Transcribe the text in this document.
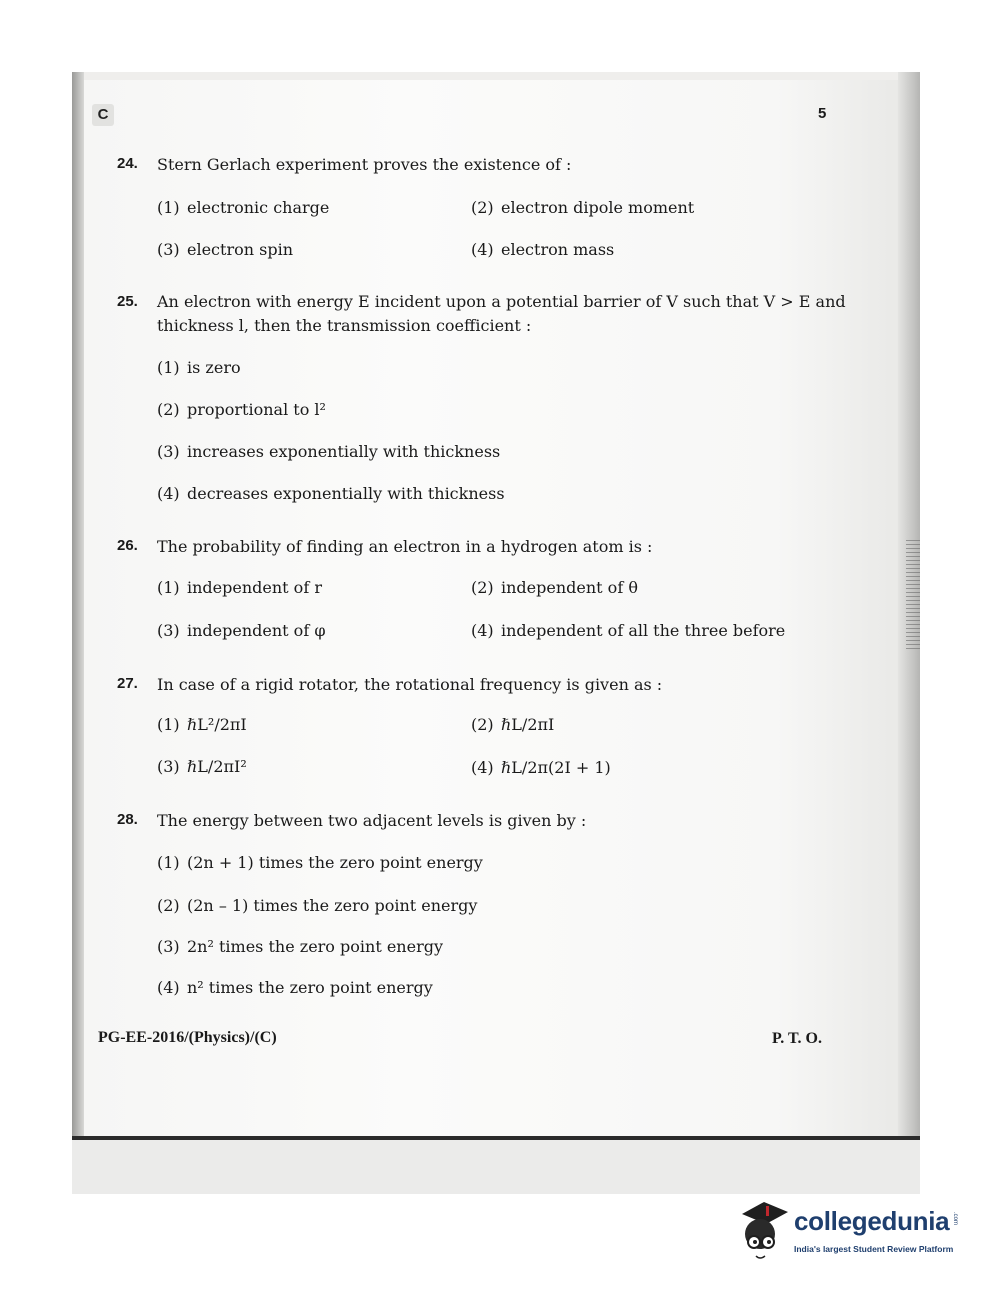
C	5
24. Stern Gerlach experiment proves the existence of :
(1) electronic charge	(2) electron dipole moment
(3) electron spin	(4) electron mass
25. An electron with energy E incident upon a potential barrier of V such that V > E and
thickness l, then the transmission coefficient :
(1) is zero
(2) proportional to l²
(3) increases exponentially with thickness
(4) decreases exponentially with thickness
26. The probability of finding an electron in a hydrogen atom is :
(1) independent of r	(2) independent of θ
(3) independent of φ	(4) independent of all the three before
27. In case of a rigid rotator, the rotational frequency is given as :
(1) ℏL²/2πI	(2) ℏL/2πI
(3) ℏL/2πI²	(4) ℏL/2π(2I + 1)
28. The energy between two adjacent levels is given by :
(1) (2n + 1) times the zero point energy
(2) (2n – 1) times the zero point energy
(3) 2n² times the zero point energy
(4) n² times the zero point energy
PG-EE-2016/(Physics)/(C)	P. T. O.
collegedunia .com
India's largest Student Review Platform
